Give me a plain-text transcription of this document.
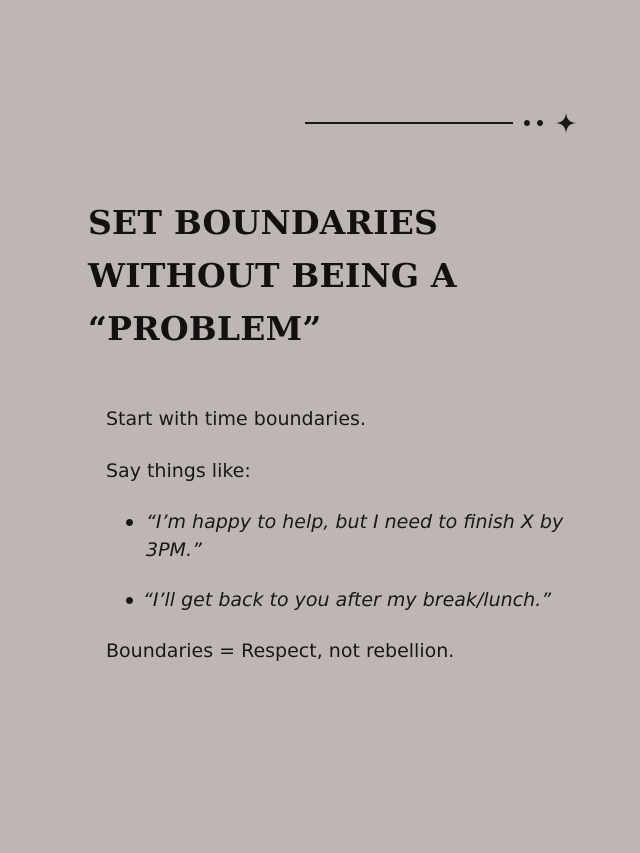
SET BOUNDARIES
WITHOUT BEING A
“PROBLEM”

Start with time boundaries.

Say things like:

“I’m happy to help, but I need to finish X by 3PM.”
“I’ll get back to you after my break/lunch.”

Boundaries = Respect, not rebellion.
